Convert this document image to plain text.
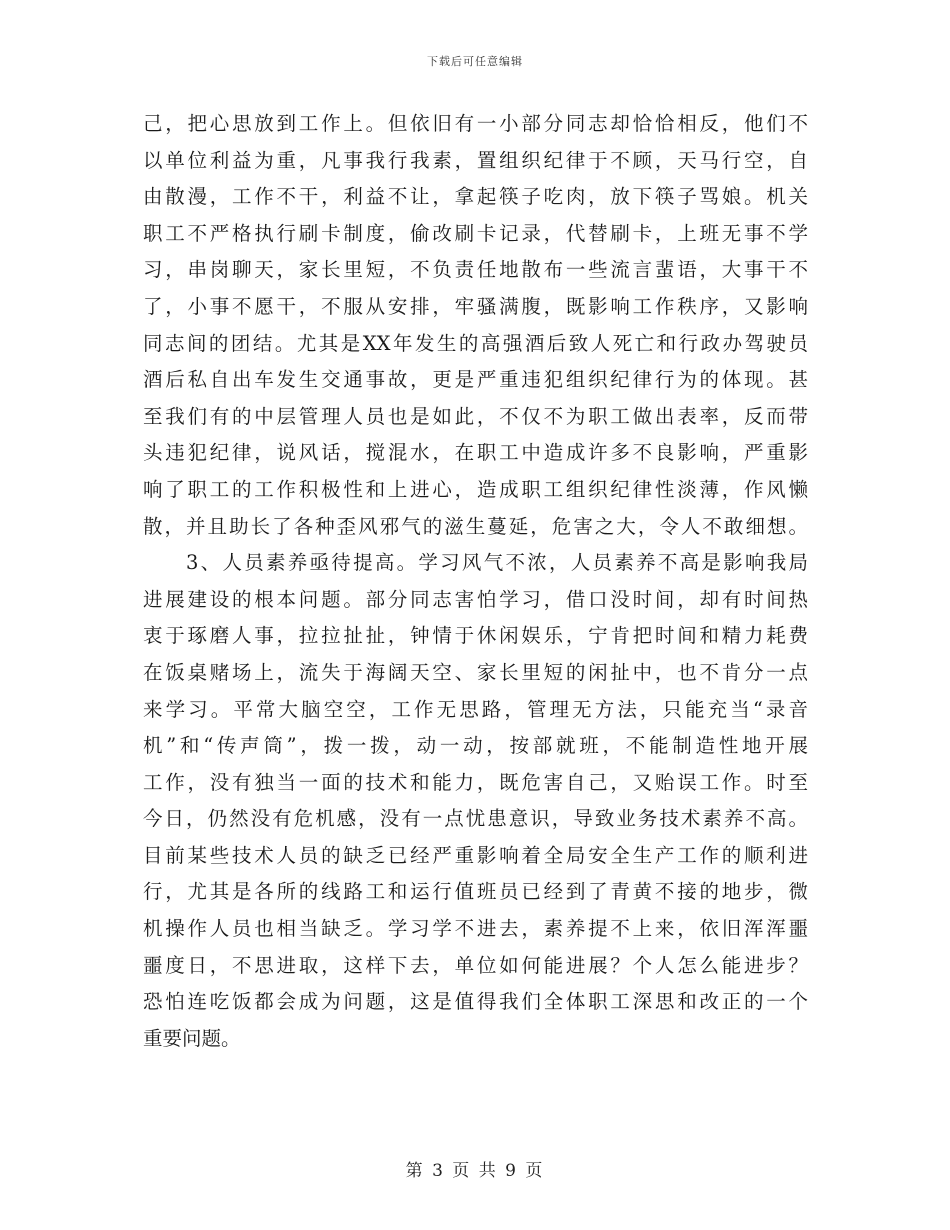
下载后可任意编辑
己，把心思放到工作上。但依旧有一小部分同志却恰恰相反，他们不
以单位利益为重，凡事我行我素，置组织纪律于不顾，天马行空，自
由散漫，工作不干，利益不让，拿起筷子吃肉，放下筷子骂娘。机关
职工不严格执行刷卡制度，偷改刷卡记录，代替刷卡，上班无事不学
习，串岗聊天，家长里短，不负责任地散布一些流言蜚语，大事干不
了，小事不愿干，不服从安排，牢骚满腹，既影响工作秩序，又影响
同志间的团结。尤其是XX年发生的高强酒后致人死亡和行政办驾驶员
酒后私自出车发生交通事故，更是严重违犯组织纪律行为的体现。甚
至我们有的中层管理人员也是如此，不仅不为职工做出表率，反而带
头违犯纪律，说风话，搅混水，在职工中造成许多不良影响，严重影
响了职工的工作积极性和上进心，造成职工组织纪律性淡薄，作风懒
散，并且助长了各种歪风邪气的滋生蔓延，危害之大，令人不敢细想。
3、人员素养亟待提高。学习风气不浓，人员素养不高是影响我局
进展建设的根本问题。部分同志害怕学习，借口没时间，却有时间热
衷于琢磨人事，拉拉扯扯，钟情于休闲娱乐，宁肯把时间和精力耗费
在饭桌赌场上，流失于海阔天空、家长里短的闲扯中，也不肯分一点
来学习。平常大脑空空，工作无思路，管理无方法，只能充当“录音
机”和“传声筒”，拨一拨，动一动，按部就班，不能制造性地开展
工作，没有独当一面的技术和能力，既危害自己，又贻误工作。时至
今日，仍然没有危机感，没有一点忧患意识，导致业务技术素养不高。
目前某些技术人员的缺乏已经严重影响着全局安全生产工作的顺利进
行，尤其是各所的线路工和运行值班员已经到了青黄不接的地步，微
机操作人员也相当缺乏。学习学不进去，素养提不上来，依旧浑浑噩
噩度日，不思进取，这样下去，单位如何能进展？个人怎么能进步？
恐怕连吃饭都会成为问题，这是值得我们全体职工深思和改正的一个
重要问题。
第 3 页 共 9 页
